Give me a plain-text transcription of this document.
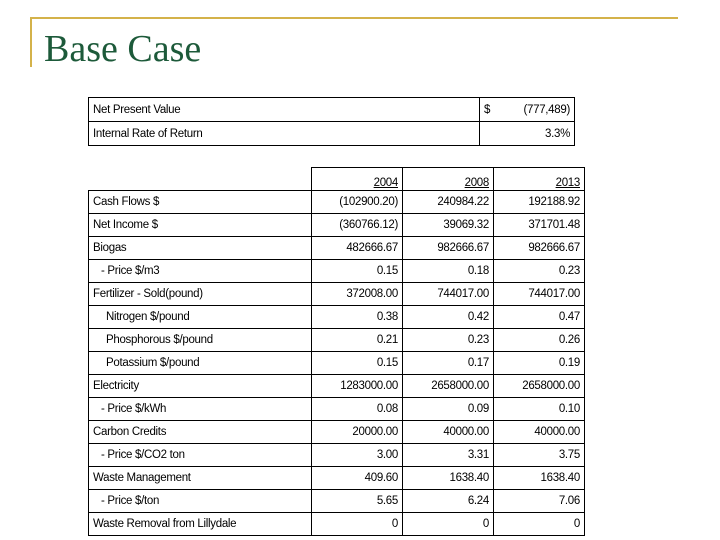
Base Case
Net Present Value	$	(777,489)
Internal Rate of Return	3.3%	
	2004	2008	2013
Cash Flows $	(102900.20)	240984.22	192188.92
Net Income $	(360766.12)	39069.32	371701.48
Biogas	482666.67	982666.67	982666.67
- Price $/m3	0.15	0.18	0.23
Fertilizer - Sold(pound)	372008.00	744017.00	744017.00
Nitrogen $/pound	0.38	0.42	0.47
Phosphorous $/pound	0.21	0.23	0.26
Potassium $/pound	0.15	0.17	0.19
Electricity	1283000.00	2658000.00	2658000.00
- Price $/kWh	0.08	0.09	0.10
Carbon Credits	20000.00	40000.00	40000.00
- Price $/CO2 ton	3.00	3.31	3.75
Waste Management	409.60	1638.40	1638.40
- Price $/ton	5.65	6.24	7.06
Waste Removal from Lillydale	0	0	0
